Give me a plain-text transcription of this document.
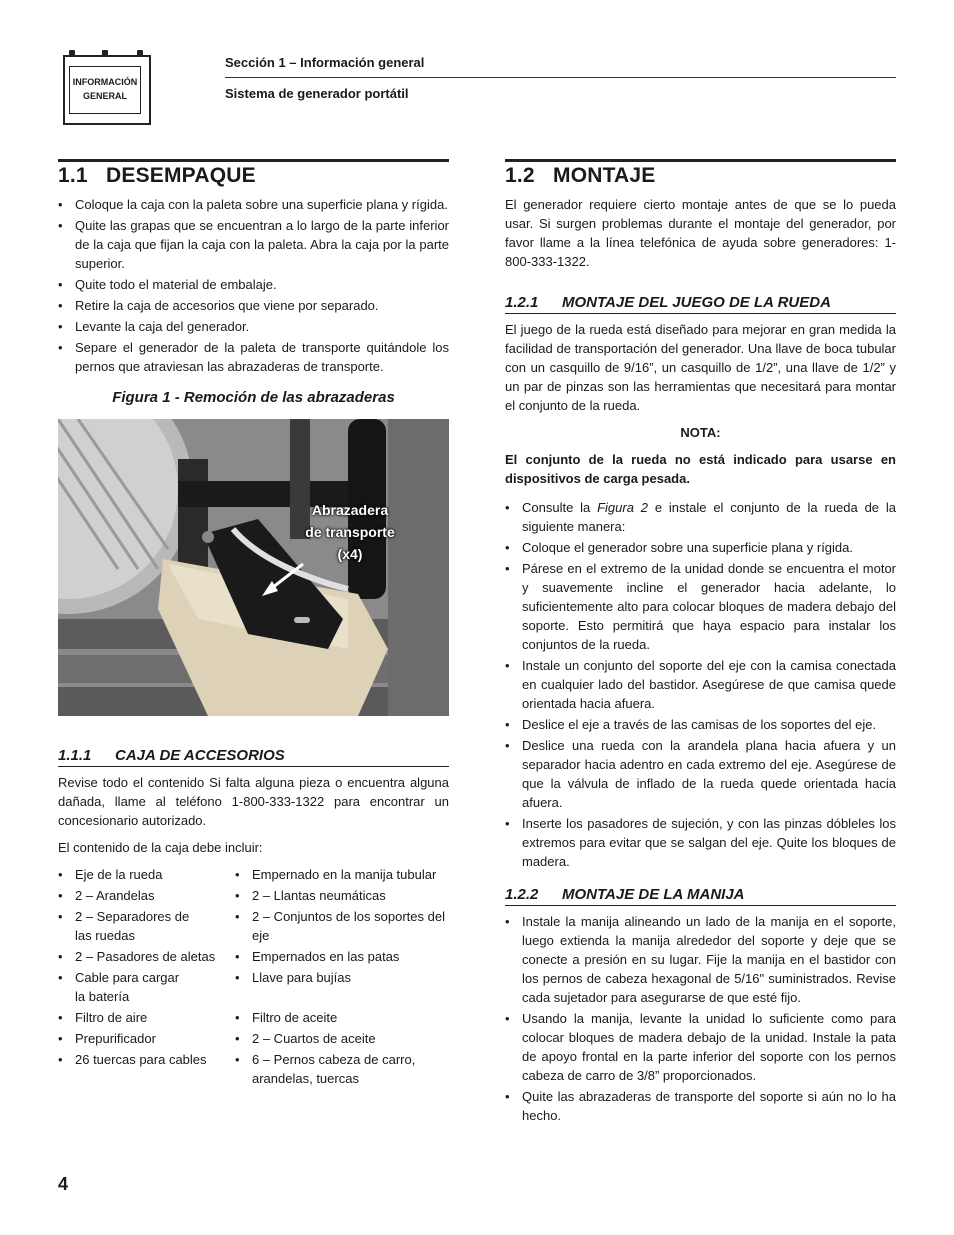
INFORMACIÓN
GENERAL
Sección 1 – Información general
Sistema de generador portátil
1.1 DESEMPAQUE
• Coloque la caja con la paleta sobre una superficie plana y rígida.
• Quite las grapas que se encuentran a lo largo de la parte inferior de la caja que fijan la caja con la paleta. Abra la caja por la parte superior.
• Quite todo el material de embalaje.
• Retire la caja de accesorios que viene por separado.
• Levante la caja del generador.
• Separe el generador de la paleta de transporte quitándole los pernos que atraviesan las abrazaderas de transporte.
Figura 1 - Remoción de las abrazaderas
Abrazadera
de transporte
(x4)
1.1.1 CAJA DE ACCESORIOS

Revise todo el contenido Si falta alguna pieza o encuentra alguna dañada, llame al teléfono 1-800-333-1322 para encontrar un concesionario autorizado.

El contenido de la caja debe incluir:

• Eje de la rueda
• 2 – Arandelas
• 2 – Separadores de las ruedas
• 2 – Pasadores de aletas
• Cable para cargar la batería
• Filtro de aire
• Prepurificador
• 26 tuercas para cables
• Empernado en la manija tubular
• 2 – Llantas neumáticas
• 2 – Conjuntos de los soportes del eje
• Empernados en las patas
• Llave para bujías
• Filtro de aceite
• 2 – Cuartos de aceite
• 6 – Pernos cabeza de carro, arandelas, tuercas
1.2 MONTAJE

El generador requiere cierto montaje antes de que se lo pueda usar. Si surgen problemas durante el montaje del generador, por favor llame a la línea telefónica de ayuda sobre generadores: 1-800-333-1322.

1.2.1 MONTAJE DEL JUEGO DE LA RUEDA

El juego de la rueda está diseñado para mejorar en gran medida la facilidad de transportación del generador. Una llave de boca tubular con un casquillo de 9/16”, un casquillo de 1/2”, una llave de 1/2” y un par de pinzas son las herramientas que necesitará para montar el conjunto de la rueda.

NOTA:
El conjunto de la rueda no está indicado para usarse en dispositivos de carga pesada.
• Consulte la Figura 2 e instale el conjunto de la rueda de la siguiente manera:
• Coloque el generador sobre una superficie plana y rígida.
• Párese en el extremo de la unidad donde se encuentra el motor y suavemente incline el generador hacia adelante, lo suficientemente alto para colocar bloques de madera debajo del soporte. Esto permitirá que haya espacio para instalar los conjuntos de la rueda.
• Instale un conjunto del soporte del eje con la camisa conectada en cualquier lado del bastidor. Asegúrese de que camisa quede orientada hacia afuera.
• Deslice el eje a través de las camisas de los soportes del eje.
• Deslice una rueda con la arandela plana hacia afuera y un separador hacia adentro en cada extremo del eje. Asegúrese de que la válvula de inflado de la rueda quede orientada hacia afuera.
• Inserte los pasadores de sujeción, y con las pinzas dóbleles los extremos para evitar que se salgan del eje. Quite los bloques de madera.
1.2.2 MONTAJE DE LA MANIJA
• Instale la manija alineando un lado de la manija en el soporte, luego extienda la manija alrededor del soporte y deje que se conecte a presión en su lugar. Fije la manija en el bastidor con los pernos de cabeza hexagonal de 5/16" suministrados. Revise cada sujetador para asegurarse de que esté fijo.
• Usando la manija, levante la unidad lo suficiente como para colocar bloques de madera debajo de la unidad. Instale la pata de apoyo frontal en la parte inferior del soporte con los pernos cabeza de carro de 3/8” proporcionados.
• Quite las abrazaderas de transporte del soporte si aún no lo ha hecho.
4
